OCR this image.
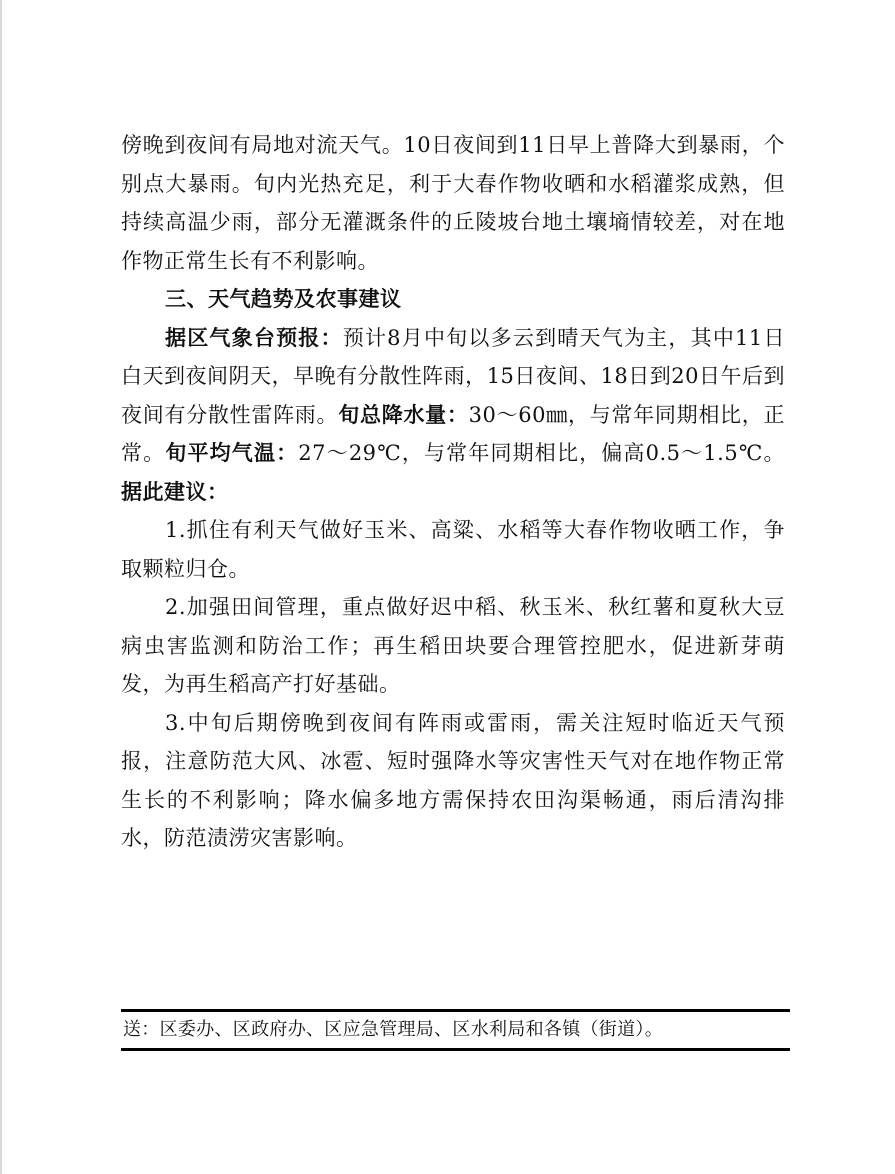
傍晚到夜间有局地对流天气。10日夜间到11日早上普降大到暴雨，个别点大暴雨。旬内光热充足，利于大春作物收晒和水稻灌浆成熟，但持续高温少雨，部分无灌溉条件的丘陵坡台地土壤墒情较差，对在地作物正常生长有不利影响。

三、天气趋势及农事建议

据区气象台预报：预计8月中旬以多云到晴天气为主，其中11日白天到夜间阴天，早晚有分散性阵雨，15日夜间、18日到20日午后到夜间有分散性雷阵雨。旬总降水量：30～60㎜，与常年同期相比，正常。旬平均气温：27～29℃，与常年同期相比，偏高0.5～1.5℃。据此建议：

1.抓住有利天气做好玉米、高粱、水稻等大春作物收晒工作，争取颗粒归仓。

2.加强田间管理，重点做好迟中稻、秋玉米、秋红薯和夏秋大豆病虫害监测和防治工作；再生稻田块要合理管控肥水，促进新芽萌发，为再生稻高产打好基础。

3.中旬后期傍晚到夜间有阵雨或雷雨，需关注短时临近天气预报，注意防范大风、冰雹、短时强降水等灾害性天气对在地作物正常生长的不利影响；降水偏多地方需保持农田沟渠畅通，雨后清沟排水，防范渍涝灾害影响。

送：区委办、区政府办、区应急管理局、区水利局和各镇（街道）。
